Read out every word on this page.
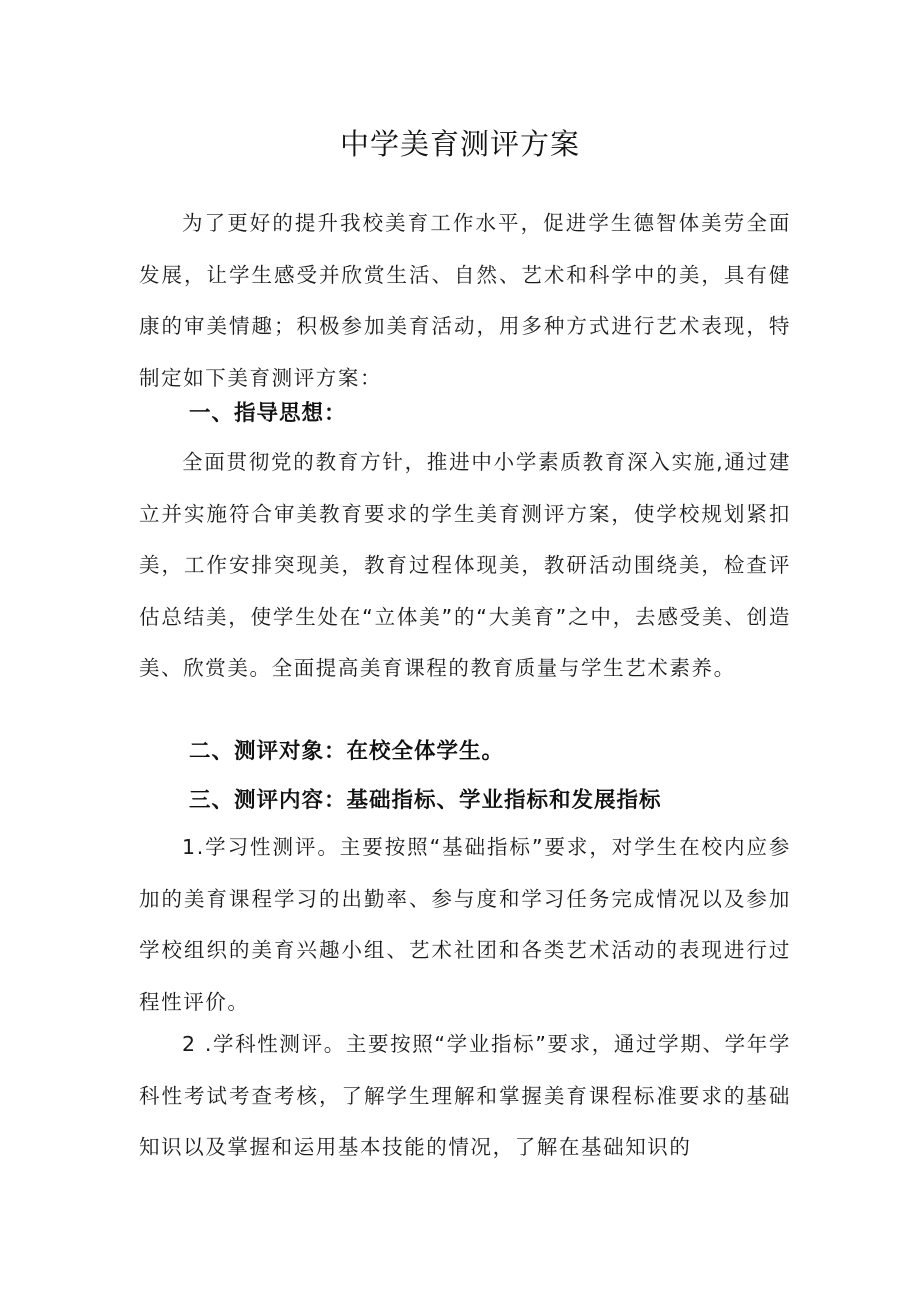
中学美育测评方案

为了更好的提升我校美育工作水平，促进学生德智体美劳全面发展，让学生感受并欣赏生活、自然、艺术和科学中的美，具有健康的审美情趣；积极参加美育活动，用多种方式进行艺术表现，特制定如下美育测评方案：

一、指导思想：

全面贯彻党的教育方针，推进中小学素质教育深入实施,通过建立并实施符合审美教育要求的学生美育测评方案，使学校规划紧扣美，工作安排突现美，教育过程体现美，教研活动围绕美，检查评估总结美，使学生处在“立体美”的“大美育”之中，去感受美、创造美、欣赏美。全面提高美育课程的教育质量与学生艺术素养。

二、测评对象：在校全体学生。

三、测评内容：基础指标、学业指标和发展指标

1.学习性测评。主要按照“基础指标”要求，对学生在校内应参加的美育课程学习的出勤率、参与度和学习任务完成情况以及参加学校组织的美育兴趣小组、艺术社团和各类艺术活动的表现进行过程性评价。

2 .学科性测评。主要按照“学业指标”要求，通过学期、学年学科性考试考查考核，了解学生理解和掌握美育课程标准要求的基础知识以及掌握和运用基本技能的情况，了解在基础知识的
